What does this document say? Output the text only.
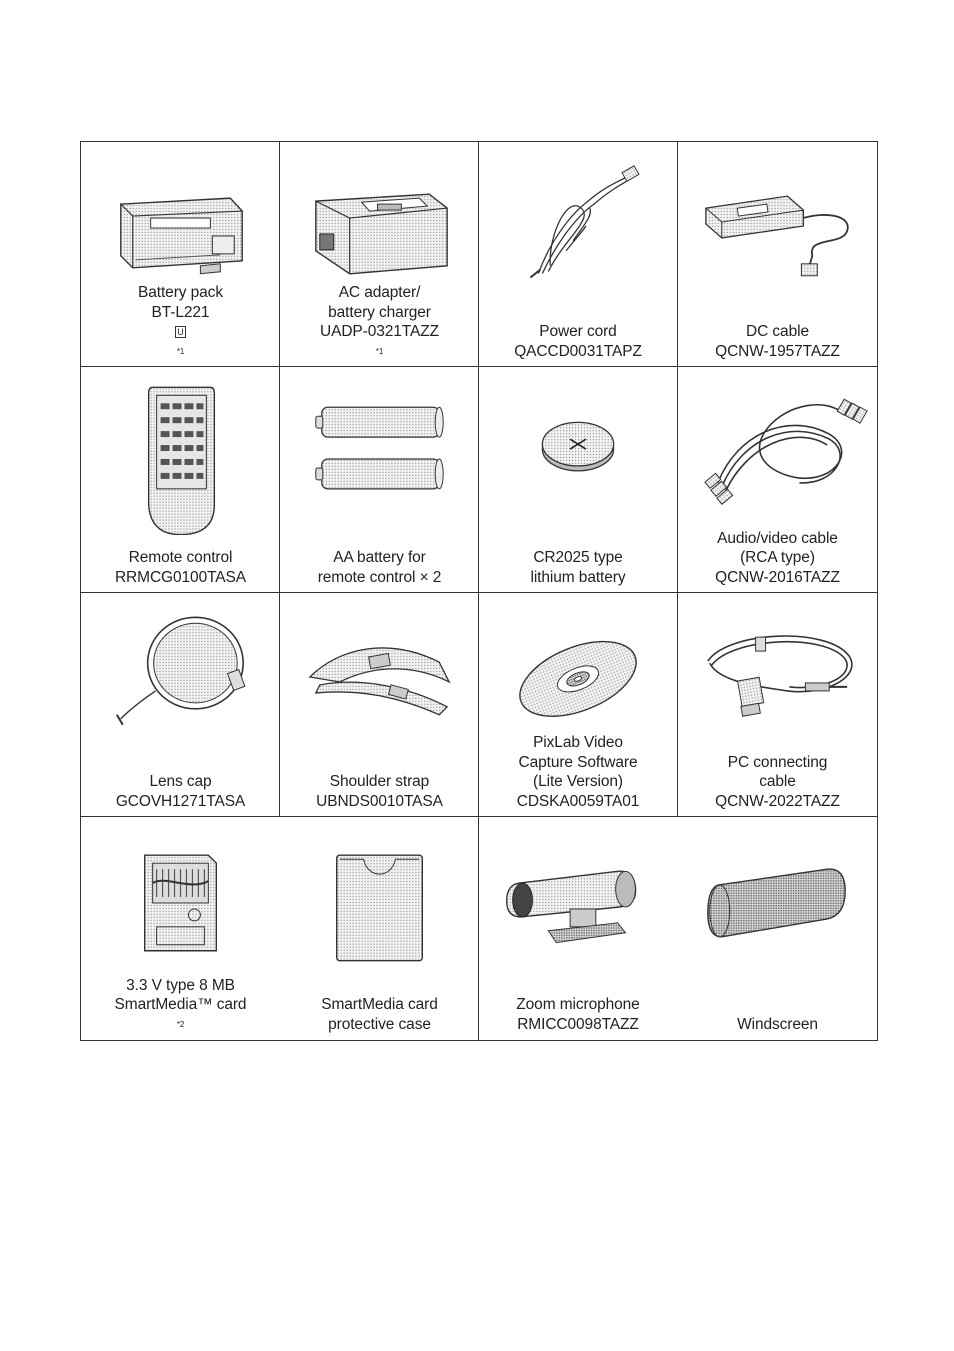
Battery pack
BT-L221
U
*1
AC adapter/
battery charger
UADP-0321TAZZ
*1
Power cord
QACCD0031TAPZ
DC cable
QCNW-1957TAZZ
Remote control
RRMCG0100TASA
AA battery for
remote control × 2
CR2025 type
lithium battery
Audio/video cable
(RCA type)
QCNW-2016TAZZ
Lens cap
GCOVH1271TASA
Shoulder strap
UBNDS0010TASA
PixLab Video
Capture Software
(Lite Version)
CDSKA0059TA01
PC connecting
cable
QCNW-2022TAZZ
3.3 V type 8 MB
SmartMedia™ card
*2
SmartMedia card
protective case
Zoom microphone
RMICC0098TAZZ	Windscreen
